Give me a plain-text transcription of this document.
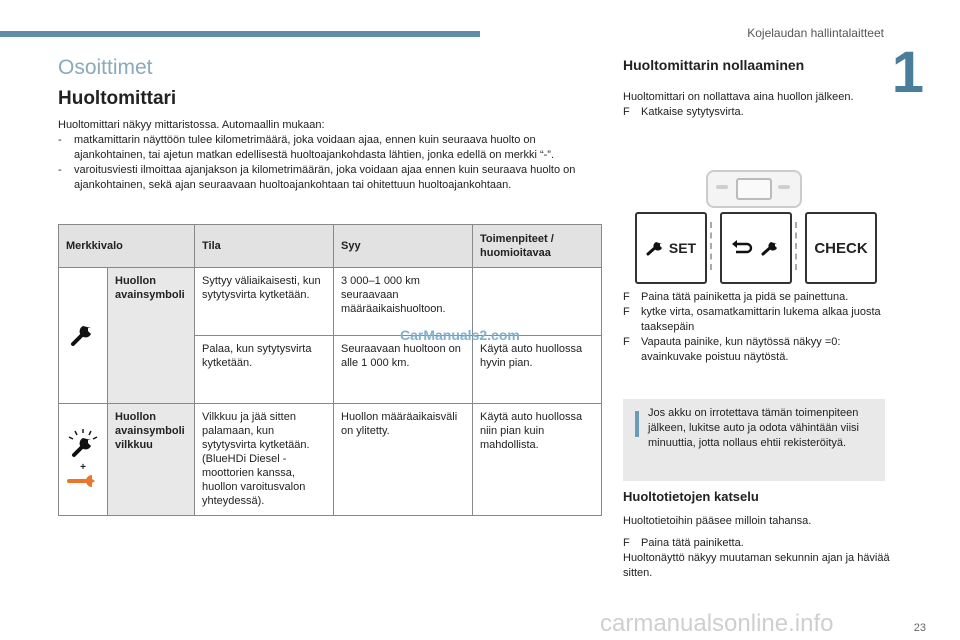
Kojelaudan hallintalaitteet
1
Osoittimet
Huoltomittari

Huoltomittari näkyy mittaristossa. Automaallin mukaan:

-	matkamittarin näyttöön tulee kilometrimäärä, joka voidaan ajaa, ennen kuin seuraava huolto on ajankohtainen, tai ajetun matkan edellisestä huoltoajankohdasta lähtien, jonka edellä on merkki “-”.
-	varoitusviesti ilmoittaa ajanjakson ja kilometrimäärän, joka voidaan ajaa ennen kuin seuraava huolto on ajankohtainen, sekä ajan seuraavaan huoltoajankohtaan tai ohitettuun huoltoajankohtaan.
Merkkivalo		Tila	Syy	Toimenpiteet / huomioitavaa
	Huollon avainsymboli	Syttyy väliaikaisesti, kun sytytysvirta kytketään.	3 000–1 000 km seuraavaan määräaikaishuoltoon.	
		Palaa, kun sytytysvirta kytketään.	Seuraavaan huoltoon on alle 1 000 km.	Käytä auto huollossa hyvin pian.

+	Huollon avainsymboli vilkkuu	Vilkkuu ja jää sitten palamaan, kun sytytysvirta kytketään. (BlueHDi Diesel -moottorien kanssa, huollon varoitusvalon yhteydessä).	Huollon määräaikaisväli on ylitetty.	Käytä auto huollossa niin pian kuin mahdollista.
CarManuals2.com
Huoltomittarin nollaaminen
Huoltomittari on nollattava aina huollon jälkeen.
F	Katkaise sytytysvirta.
SET	CHECK
F	Paina tätä painiketta ja pidä se painettuna.
F	kytke virta, osamatkamittarin lukema alkaa juosta taaksepäin
F	Vapauta painike, kun näytössä näkyy =0: avainkuvake poistuu näytöstä.
Jos akku on irrotettava tämän toimenpiteen jälkeen, lukitse auto ja odota vähintään viisi minuuttia, jotta nollaus ehtii rekisteröityä.
Huoltotietojen katselu
Huoltotietoihin pääsee milloin tahansa.
F	Paina tätä painiketta.
Huoltonäyttö näkyy muutaman sekunnin ajan ja häviää sitten.
23
carmanualsonline.info
